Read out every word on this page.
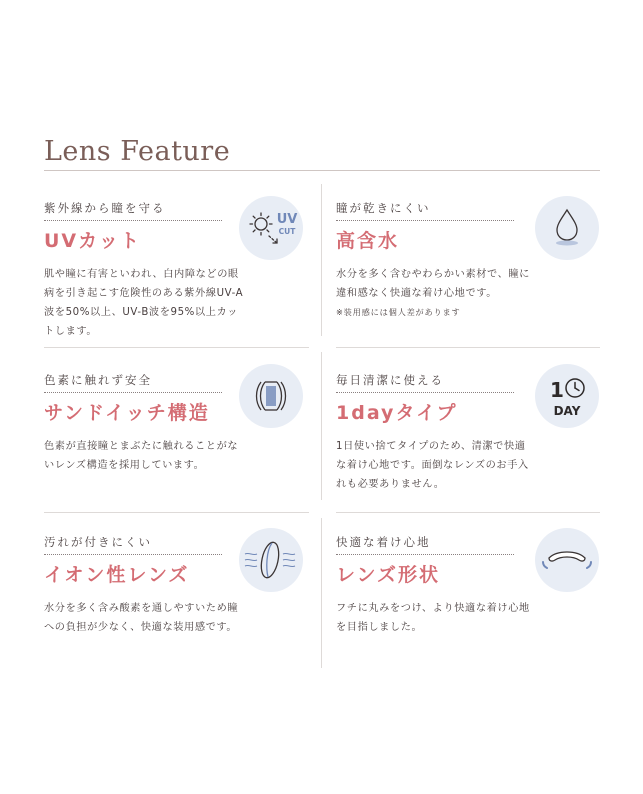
Lens Feature
紫外線から瞳を守る
UVカット
肌や瞳に有害といわれ、白内障などの眼病を引き起こす危険性のある紫外線UV-A波を50%以上、UV-B波を95%以上カットします。
UV
CUT
瞳が乾きにくい
高含水
水分を多く含むやわらかい素材で、瞳に違和感なく快適な着け心地です。
※装用感には個人差があります
色素に触れず安全
サンドイッチ構造
色素が直接瞳とまぶたに触れることがないレンズ構造を採用しています。
毎日清潔に使える
1dayタイプ
1日使い捨てタイプのため、清潔で快適な着け心地です。面倒なレンズのお手入れも必要ありません。
1
DAY
汚れが付きにくい
イオン性レンズ
水分を多く含み酸素を通しやすいため瞳への負担が少なく、快適な装用感です。
快適な着け心地
レンズ形状
フチに丸みをつけ、より快適な着け心地を目指しました。
